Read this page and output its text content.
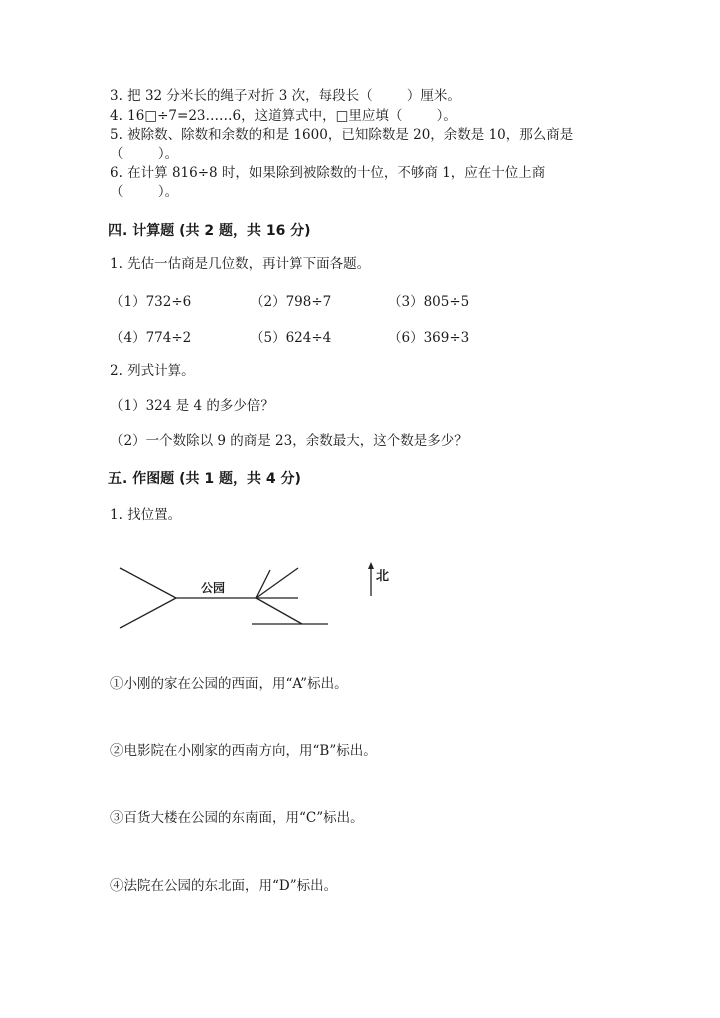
3. 把 32 分米长的绳子对折 3 次，每段长（        ）厘米。
4. 16□÷7=23……6，这道算式中，□里应填（        ）。
5. 被除数、除数和余数的和是 1600，已知除数是 20，余数是 10，那么商是
（        ）。
6. 在计算 816÷8 时，如果除到被除数的十位，不够商 1，应在十位上商
（        ）。
四. 计算题 (共 2 题，共 16 分)
1. 先估一估商是几位数，再计算下面各题。
（1）732÷6	（2）798÷7	（3）805÷5
（4）774÷2	（5）624÷4	（6）369÷3
2. 列式计算。
（1）324 是 4 的多少倍？
（2）一个数除以 9 的商是 23，余数最大，这个数是多少？
五. 作图题 (共 1 题，共 4 分)
1. 找位置。
公园
北
①小刚的家在公园的西面，用“A”标出。
②电影院在小刚家的西南方向，用“B”标出。
③百货大楼在公园的东南面，用“C”标出。
④法院在公园的东北面，用“D”标出。
